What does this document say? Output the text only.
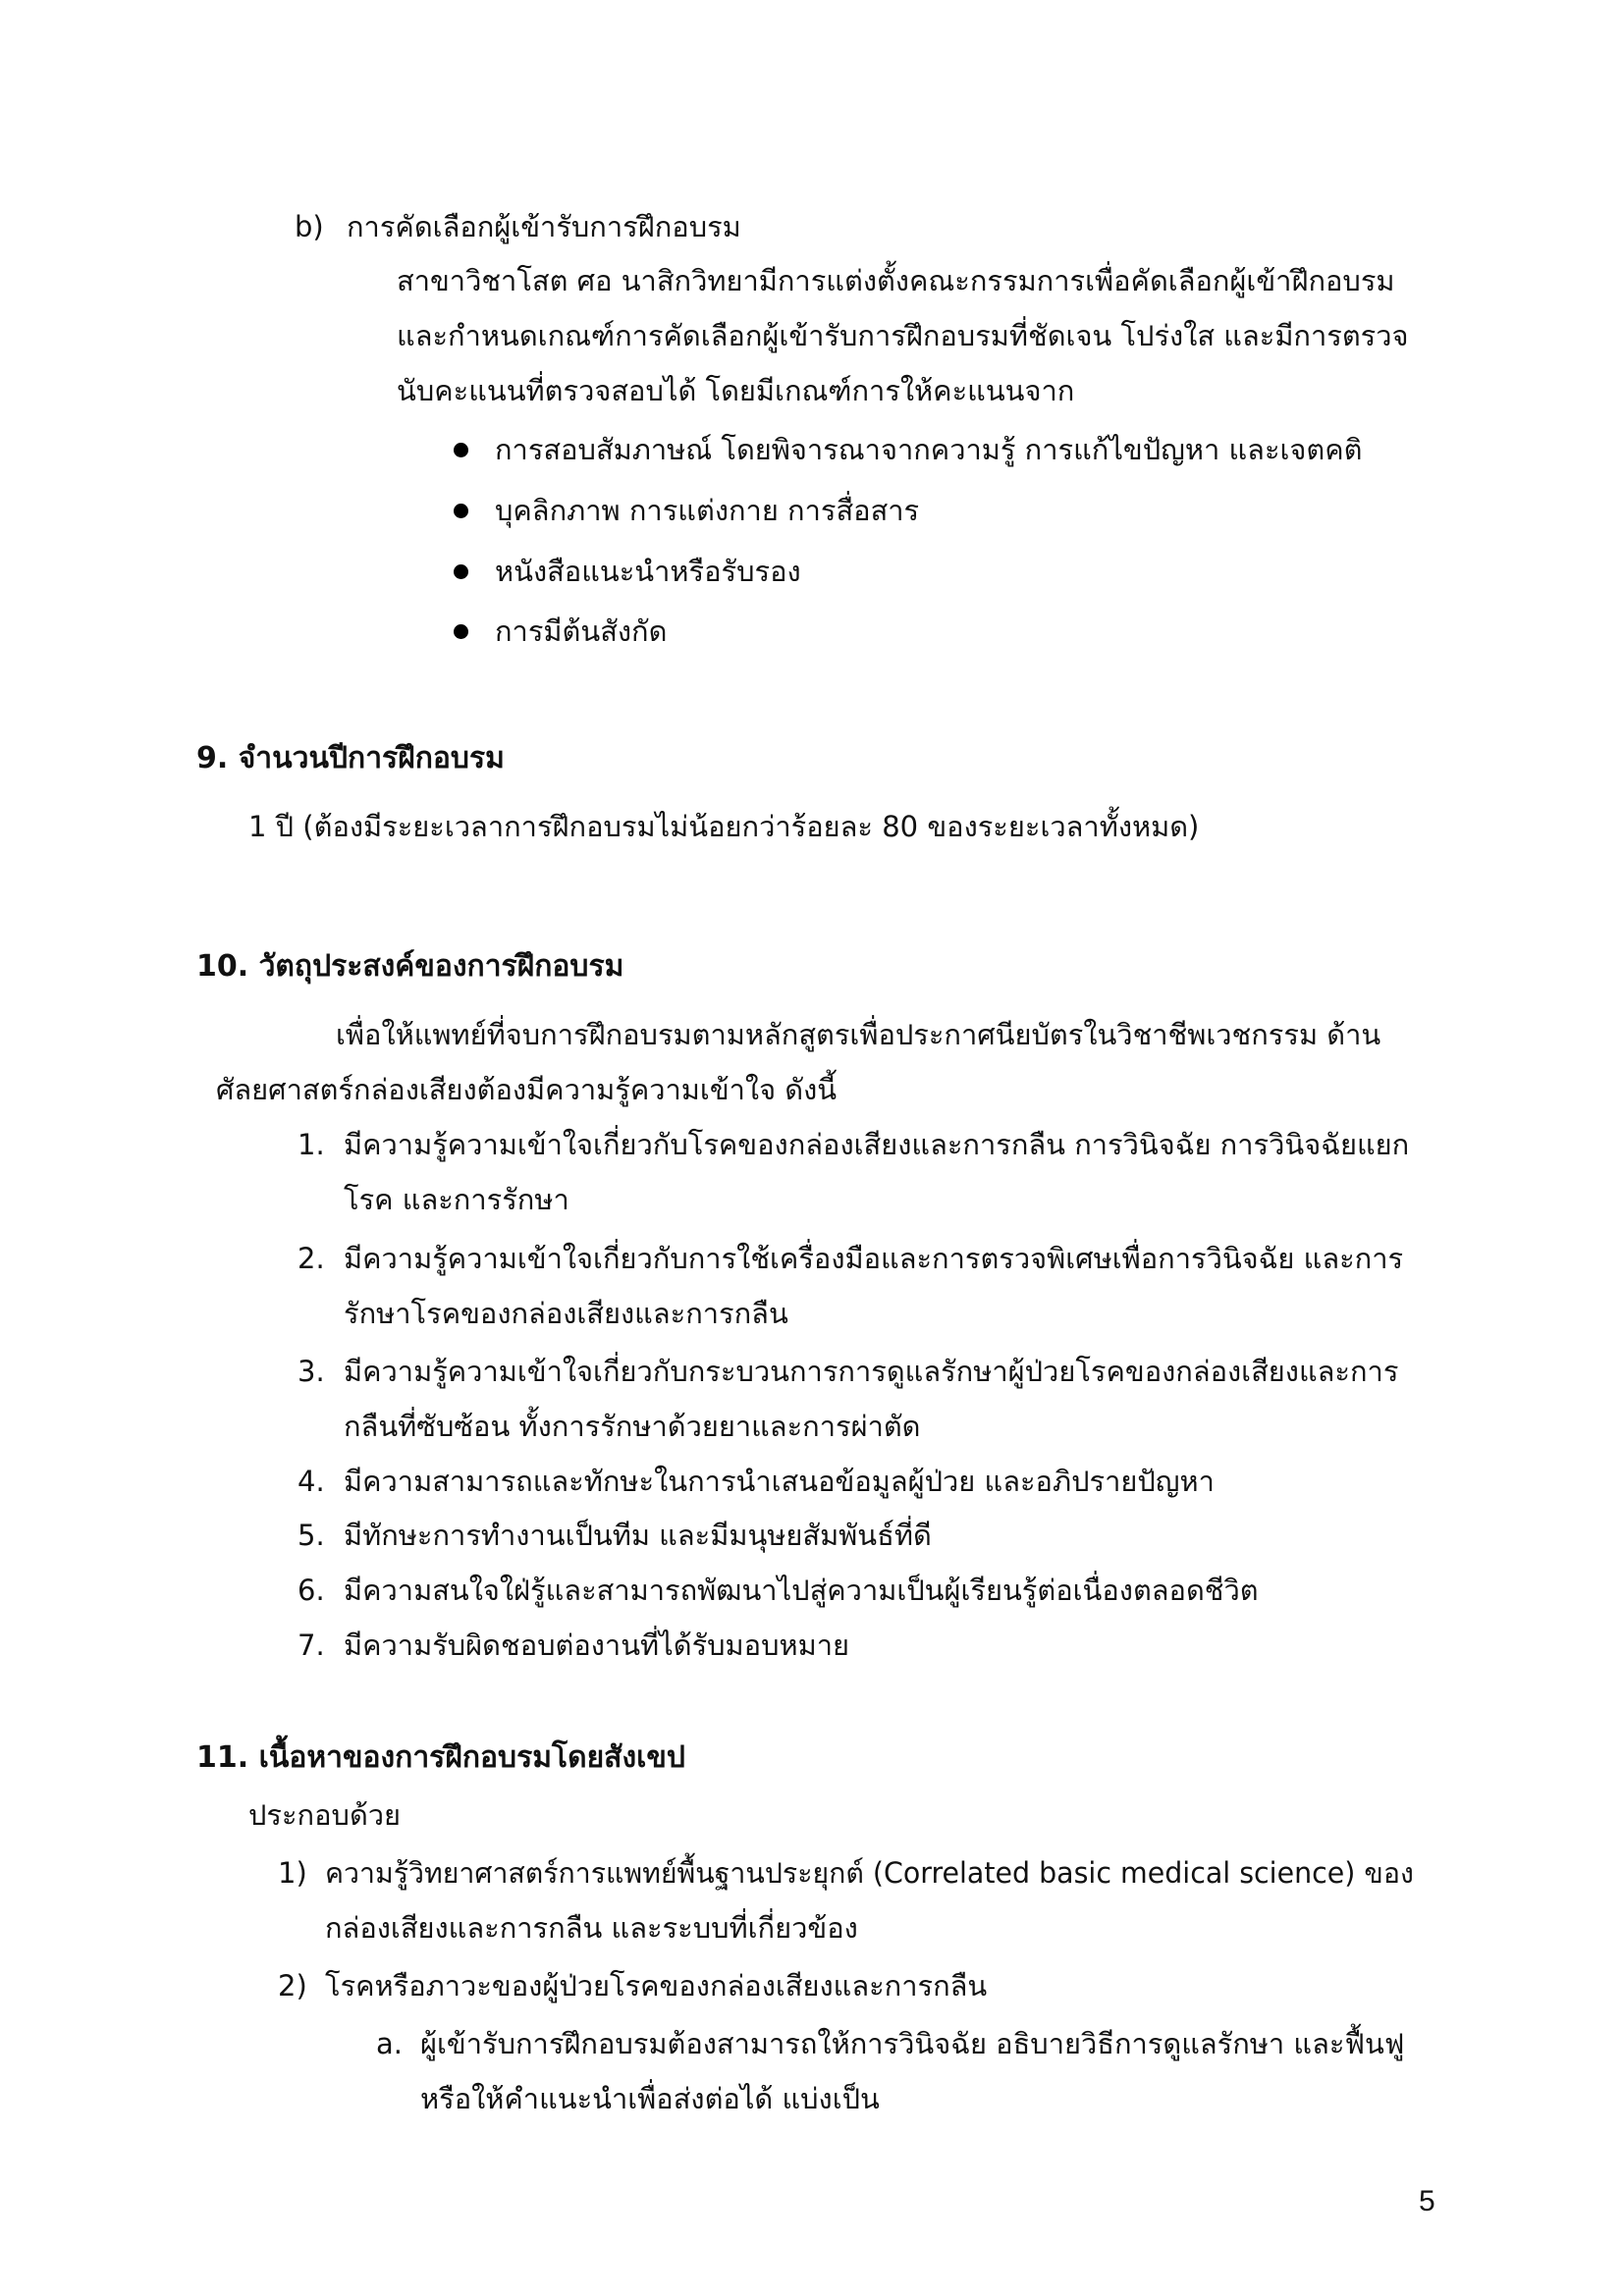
b) การคัดเลือกผู้เข้ารับการฝึกอบรม
สาขาวิชาโสต ศอ นาสิกวิทยามีการแต่งตั้งคณะกรรมการเพื่อคัดเลือกผู้เข้าฝึกอบรม
และกำหนดเกณฑ์การคัดเลือกผู้เข้ารับการฝึกอบรมที่ชัดเจน โปร่งใส และมีการตรวจ
นับคะแนนที่ตรวจสอบได้ โดยมีเกณฑ์การให้คะแนนจาก
การสอบสัมภาษณ์ โดยพิจารณาจากความรู้ การแก้ไขปัญหา และเจตคติ
บุคลิกภาพ การแต่งกาย การสื่อสาร
หนังสือแนะนำหรือรับรอง
การมีต้นสังกัด
9. จำนวนปีการฝึกอบรม
1 ปี (ต้องมีระยะเวลาการฝึกอบรมไม่น้อยกว่าร้อยละ 80 ของระยะเวลาทั้งหมด)
10. วัตถุประสงค์ของการฝึกอบรม
เพื่อให้แพทย์ที่จบการฝึกอบรมตามหลักสูตรเพื่อประกาศนียบัตรในวิชาชีพเวชกรรม ด้าน
ศัลยศาสตร์กล่องเสียงต้องมีความรู้ความเข้าใจ ดังนี้
1. มีความรู้ความเข้าใจเกี่ยวกับโรคของกล่องเสียงและการกลืน การวินิจฉัย การวินิจฉัยแยก
โรค และการรักษา
2. มีความรู้ความเข้าใจเกี่ยวกับการใช้เครื่องมือและการตรวจพิเศษเพื่อการวินิจฉัย และการ
รักษาโรคของกล่องเสียงและการกลืน
3. มีความรู้ความเข้าใจเกี่ยวกับกระบวนการการดูแลรักษาผู้ป่วยโรคของกล่องเสียงและการ
กลืนที่ซับซ้อน ทั้งการรักษาด้วยยาและการผ่าตัด
4. มีความสามารถและทักษะในการนำเสนอข้อมูลผู้ป่วย และอภิปรายปัญหา
5. มีทักษะการทำงานเป็นทีม และมีมนุษยสัมพันธ์ที่ดี
6. มีความสนใจใฝ่รู้และสามารถพัฒนาไปสู่ความเป็นผู้เรียนรู้ต่อเนื่องตลอดชีวิต
7. มีความรับผิดชอบต่องานที่ได้รับมอบหมาย
11. เนื้อหาของการฝึกอบรมโดยสังเขป
ประกอบด้วย
1) ความรู้วิทยาศาสตร์การแพทย์พื้นฐานประยุกต์ (Correlated basic medical science) ของ
กล่องเสียงและการกลืน และระบบที่เกี่ยวข้อง
2) โรคหรือภาวะของผู้ป่วยโรคของกล่องเสียงและการกลืน
a. ผู้เข้ารับการฝึกอบรมต้องสามารถให้การวินิจฉัย อธิบายวิธีการดูแลรักษา และฟื้นฟู
หรือให้คำแนะนำเพื่อส่งต่อได้ แบ่งเป็น
5
